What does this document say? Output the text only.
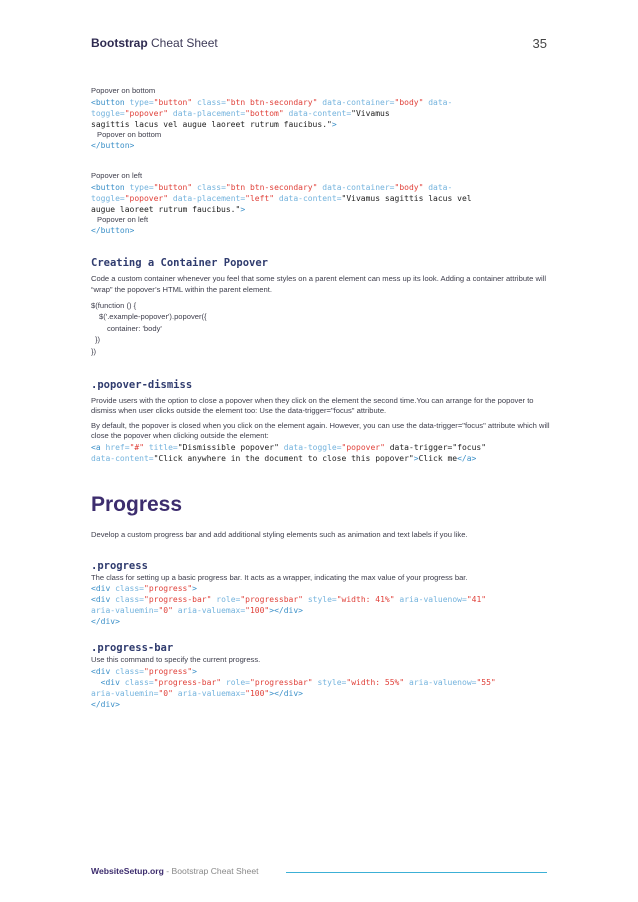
Bootstrap Cheat Sheet	35

Popover on bottom

<button type="button" class="btn btn-secondary" data-container="body" data-
toggle="popover" data-placement="bottom" data-content="Vivamus
sagittis lacus vel augue laoreet rutrum faucibus.">

Popover on bottom

</button>

Popover on left

<button type="button" class="btn btn-secondary" data-container="body" data-
toggle="popover" data-placement="left" data-content="Vivamus sagittis lacus vel
augue laoreet rutrum faucibus.">

Popover on left

</button>
Creating a Container Popover

Code a custom container whenever you feel that some styles on a parent element can mess up its look. Adding a container attribute will “wrap” the popover’s HTML within the parent element.

$(function () {

$('.example-popover').popover({

container: 'body'

})

})

.popover-dismiss

Provide users with the option to close a popover when they click on the element the second time.You can arrange for the popover to dismiss when user clicks outside the element too: Use the data-trigger="focus" attribute.

By default, the popover is closed when you click on the element again. However, you can use the data-trigger="focus" attribute which will close the popover when clicking outside the element:

<a href="#" title="Dismissible popover" data-toggle="popover" data-trigger="focus"
data-content="Click anywhere in the document to close this popover">Click me</a>
Progress

Develop a custom progress bar and add additional styling elements such as animation and text labels if you like.

.progress

The class for setting up a basic progress bar. It acts as a wrapper, indicating the max value of your progress bar.

<div class="progress">
<div class="progress-bar" role="progressbar" style="width: 41%" aria-valuenow="41"
aria-valuemin="0" aria-valuemax="100"></div>
</div>
.progress-bar

Use this command to specify the current progress.

<div class="progress">
<div class="progress-bar" role="progressbar" style="width: 55%" aria-valuenow="55"
aria-valuemin="0" aria-valuemax="100"></div>
</div>
WebsiteSetup.org - Bootstrap Cheat Sheet
